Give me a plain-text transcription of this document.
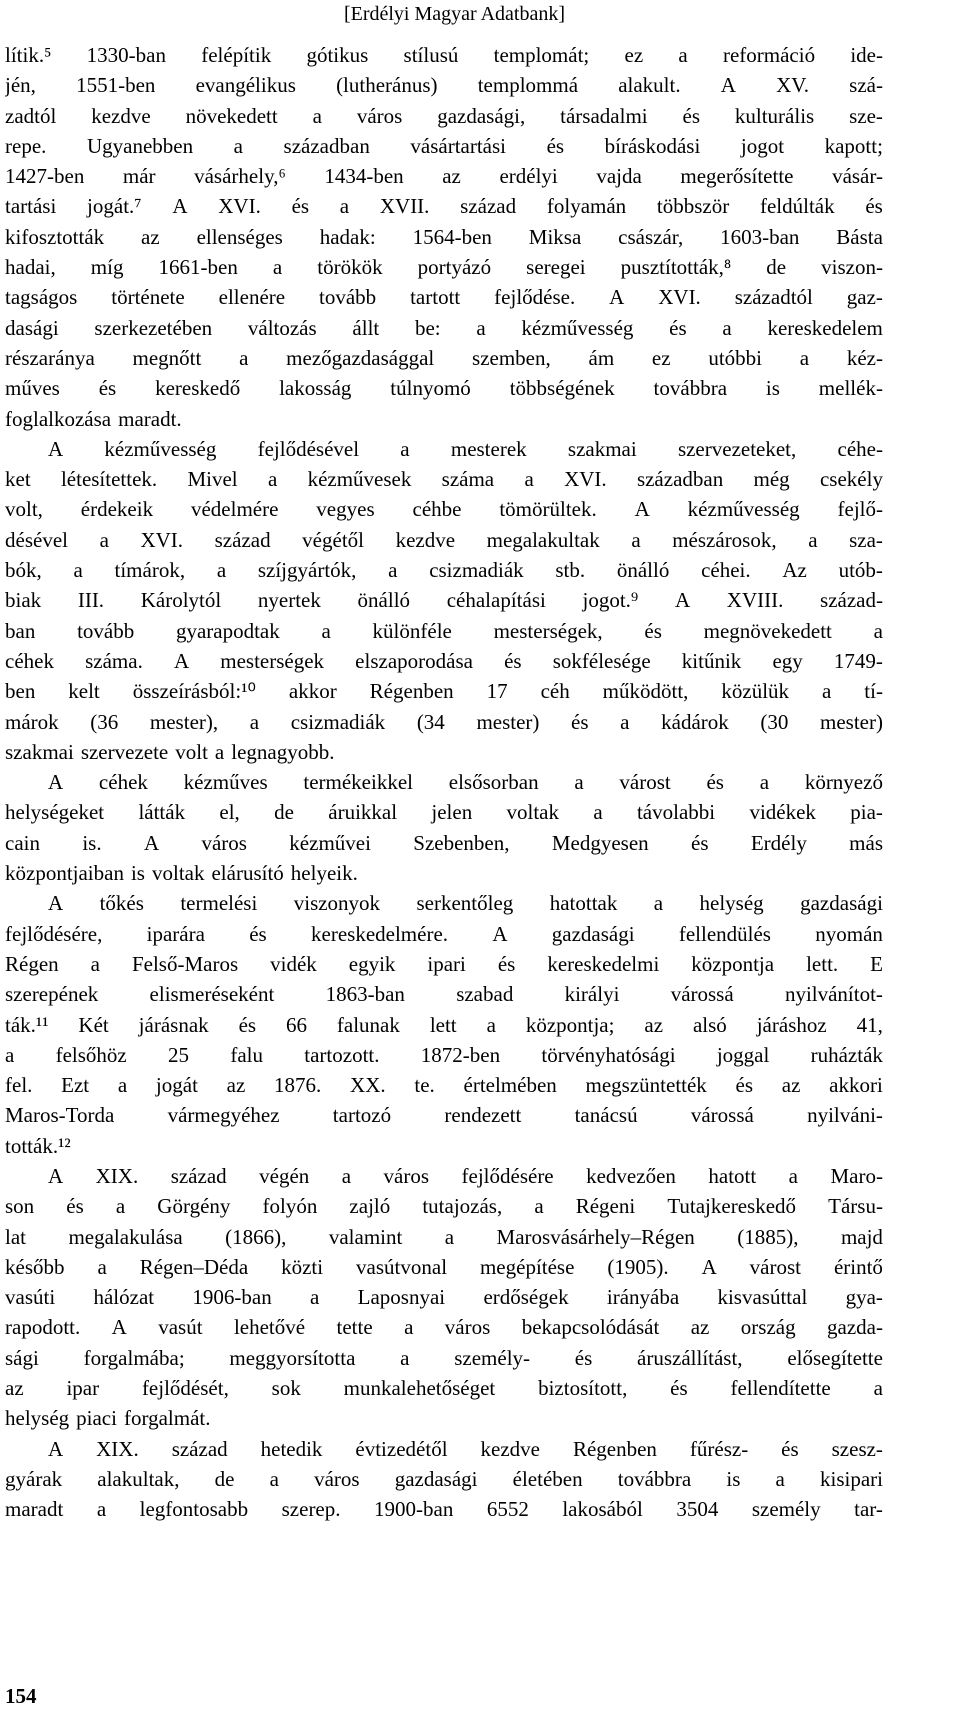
[Erdélyi Magyar Adatbank]
lítik.⁵ 1330-ban felépítik gótikus stílusú templomát; ez a reformáció ide-
jén, 1551-ben evangélikus (lutheránus) templommá alakult. A XV. szá-
zadtól kezdve növekedett a város gazdasági, társadalmi és kulturális sze-
repe. Ugyanebben a században vásártartási és bíráskodási jogot kapott;
1427-ben már vásárhely,⁶ 1434-ben az erdélyi vajda megerősítette vásár-
tartási jogát.⁷ A XVI. és a XVII. század folyamán többször feldúlták és
kifosztották az ellenséges hadak: 1564-ben Miksa császár, 1603-ban Básta
hadai, míg 1661-ben a törökök portyázó seregei pusztították,⁸ de viszon-
tagságos története ellenére tovább tartott fejlődése. A XVI. századtól gaz-
dasági szerkezetében változás állt be: a kézművesség és a kereskedelem
részaránya megnőtt a mezőgazdasággal szemben, ám ez utóbbi a kéz-
műves és kereskedő lakosság túlnyomó többségének továbbra is mellék-
foglalkozása maradt.
A kézművesség fejlődésével a mesterek szakmai szervezeteket, céhe-
ket létesítettek. Mivel a kézművesek száma a XVI. században még csekély
volt, érdekeik védelmére vegyes céhbe tömörültek. A kézművesség fejlő-
désével a XVI. század végétől kezdve megalakultak a mészárosok, a sza-
bók, a tímárok, a szíjgyártók, a csizmadiák stb. önálló céhei. Az utób-
biak III. Károlytól nyertek önálló céhalapítási jogot.⁹ A XVIII. század-
ban tovább gyarapodtak a különféle mesterségek, és megnövekedett a
céhek száma. A mesterségek elszaporodása és sokfélesége kitűnik egy 1749-
ben kelt összeírásból:¹⁰ akkor Régenben 17 céh működött, közülük a tí-
márok (36 mester), a csizmadiák (34 mester) és a kádárok (30 mester)
szakmai szervezete volt a legnagyobb.
A céhek kézműves termékeikkel elsősorban a várost és a környező
helységeket látták el, de áruikkal jelen voltak a távolabbi vidékek pia-
cain is. A város kézművei Szebenben, Medgyesen és Erdély más
központjaiban is voltak elárusító helyeik.
A tőkés termelési viszonyok serkentőleg hatottak a helység gazdasági
fejlődésére, iparára és kereskedelmére. A gazdasági fellendülés nyomán
Régen a Felső-Maros vidék egyik ipari és kereskedelmi központja lett. E
szerepének elismeréseként 1863-ban szabad királyi várossá nyilvánítot-
ták.¹¹ Két járásnak és 66 falunak lett a központja; az alsó járáshoz 41,
a felsőhöz 25 falu tartozott. 1872-ben törvényhatósági joggal ruházták
fel. Ezt a jogát az 1876. XX. te. értelmében megszüntették és az akkori
Maros-Torda	vármegyéhez	tartozó	rendezett	tanácsú	várossá	nyilváni-
tották.¹²
A XIX. század végén a város fejlődésére kedvezően hatott a Maro-
son és a Görgény folyón zajló tutajozás, a Régeni Tutajkereskedő Társu-
lat megalakulása (1866), valamint a Marosvásárhely–Régen (1885), majd
később a Régen–Déda közti vasútvonal megépítése (1905). A várost érintő
vasúti hálózat 1906-ban a Laposnyai erdőségek irányába kisvasúttal gya-
rapodott. A vasút lehetővé tette a város bekapcsolódását az ország gazda-
sági forgalmába; meggyorsította a személy- és áruszállítást, elősegítette
az ipar fejlődését, sok munkalehetőséget biztosított, és fellendítette a
helység piaci forgalmát.
A XIX. század hetedik évtizedétől kezdve Régenben fűrész- és szesz-
gyárak alakultak, de a város gazdasági életében továbbra is a kisipari
maradt a legfontosabb szerep. 1900-ban 6552 lakosából 3504 személy tar-
154
